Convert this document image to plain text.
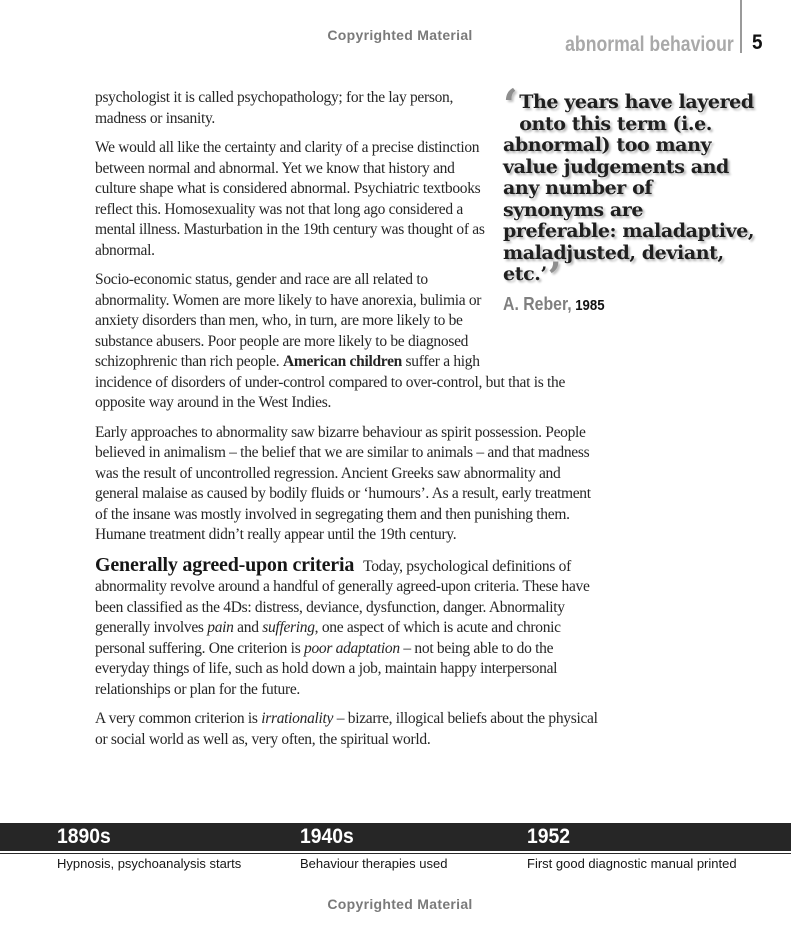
Copyrighted Material	abnormal behaviour 5

psychologist it is called psychopathology; for the lay person, madness or insanity.

We would all like the certainty and clarity of a precise distinction between normal and abnormal. Yet we know that history and culture shape what is considered abnormal. Psychiatric textbooks reflect this. Homosexuality was not that long ago considered a mental illness. Masturbation in the 19th century was thought of as abnormal.

Socio-economic status, gender and race are all related to abnormality. Women are more likely to have anorexia, bulimia or anxiety disorders than men, who, in turn, are more likely to be substance abusers. Poor people are more likely to be diagnosed schizophrenic than rich people. American children suffer a high incidence of disorders of under-control compared to over-control, but that is the opposite way around in the West Indies.

Early approaches to abnormality saw bizarre behaviour as spirit possession. People believed in animalism – the belief that we are similar to animals – and that madness was the result of uncontrolled regression. Ancient Greeks saw abnormality and general malaise as caused by bodily fluids or ‘humours’. As a result, early treatment of the insane was mostly involved in segregating them and then punishing them. Humane treatment didn’t really appear until the 19th century.

Generally agreed-upon criteria Today, psychological definitions of abnormality revolve around a handful of generally agreed-upon criteria. These have been classified as the 4Ds: distress, deviance, dysfunction, danger. Abnormality generally involves pain and suffering, one aspect of which is acute and chronic personal suffering. One criterion is poor adaptation – not being able to do the everyday things of life, such as hold down a job, maintain happy interpersonal relationships or plan for the future.

A very common criterion is irrationality – bizarre, illogical beliefs about the physical or social world as well as, very often, the spiritual world.

‘ The years have layered onto this term (i.e. abnormal) too many value judgements and any number of synonyms are preferable: maladaptive, maladjusted, deviant, etc.’’
A. Reber, 1985
1890s
Hypnosis, psychoanalysis starts
1940s
Behaviour therapies used
1952
First good diagnostic manual printed
Copyrighted Material
